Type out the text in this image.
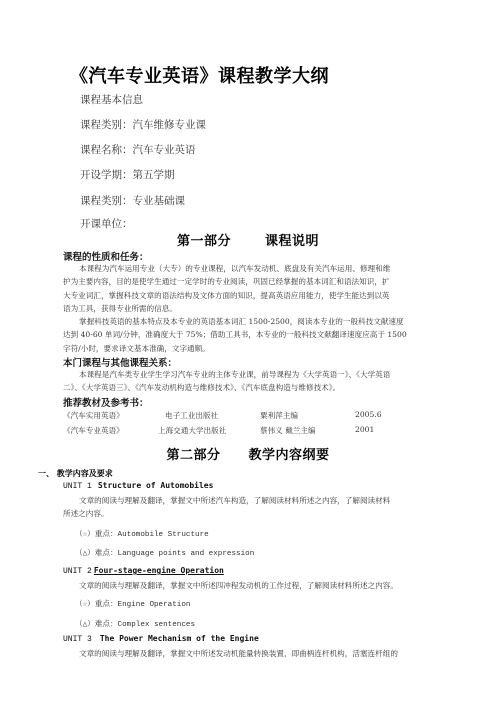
《汽车专业英语》课程教学大纲
课程基本信息
课程类别：汽车维修专业课
课程名称：汽车专业英语
开设学期：第五学期
课程类别：专业基础课
开课单位：
第一部分	课程说明
课程的性质和任务：
本课程为汽车运用专业（大专）的专业课程，以汽车发动机、底盘及有关汽车运用、修理和维
护为主要内容，目的是使学生通过一定学时的专业阅读，巩固已经掌握的基本词汇和语法知识，扩
大专业词汇，掌握科技文章的语法结构及文体方面的知识，提高英语应用能力，使学生能达到以英
语为工具，获得专业所需的信息。
掌握科技英语的基本特点及本专业的英语基本词汇 1500-2500，阅读本专业的一般科技文献速度
达到 40-60 单词/分钟，准确度大于 75%；借助工具书，本专业的一般科技文献翻译速度应高于 1500
字符/小时，要求译文基本准确，文字通顺。
本门课程与其他课程关系：
本课程是汽车类专业学生学习汽车专业的主体专业课，前导课程为《大学英语一》、《大学英语
二》、《大学英语三》、《汽车发动机构造与维修技术》、《汽车底盘构造与维修技术》。
推荐教材及参考书：
《汽车实用英语》	电子工业出版社	粟利萍主编	2005.6
《汽车专业英语》	上海交通大学出版社	蔡伟义 戴兰主编	2001
第二部分 教学内容纲要
一、 教学内容及要求
UNIT 1 Structure of Automobiles
文章的阅读与理解及翻译，掌握文中所述汽车构造，了解阅读材料所述之内容，了解阅读材料
所述之内容。
（☆）重点：Automobile Structure
（△）难点：Language points and expression
UNIT 2 Four-stage-engine Operation
文章的阅读与理解及翻译，掌握文中所述四冲程发动机的工作过程，了解阅读材料所述之内容。
（☆）重点：Engine Operation
（△）难点：Complex sentences
UNIT 3 The Power Mechanism of the Engine
文章的阅读与理解及翻译，掌握文中所述发动机能量转换装置，即曲柄连杆机构，活塞连杆组的
